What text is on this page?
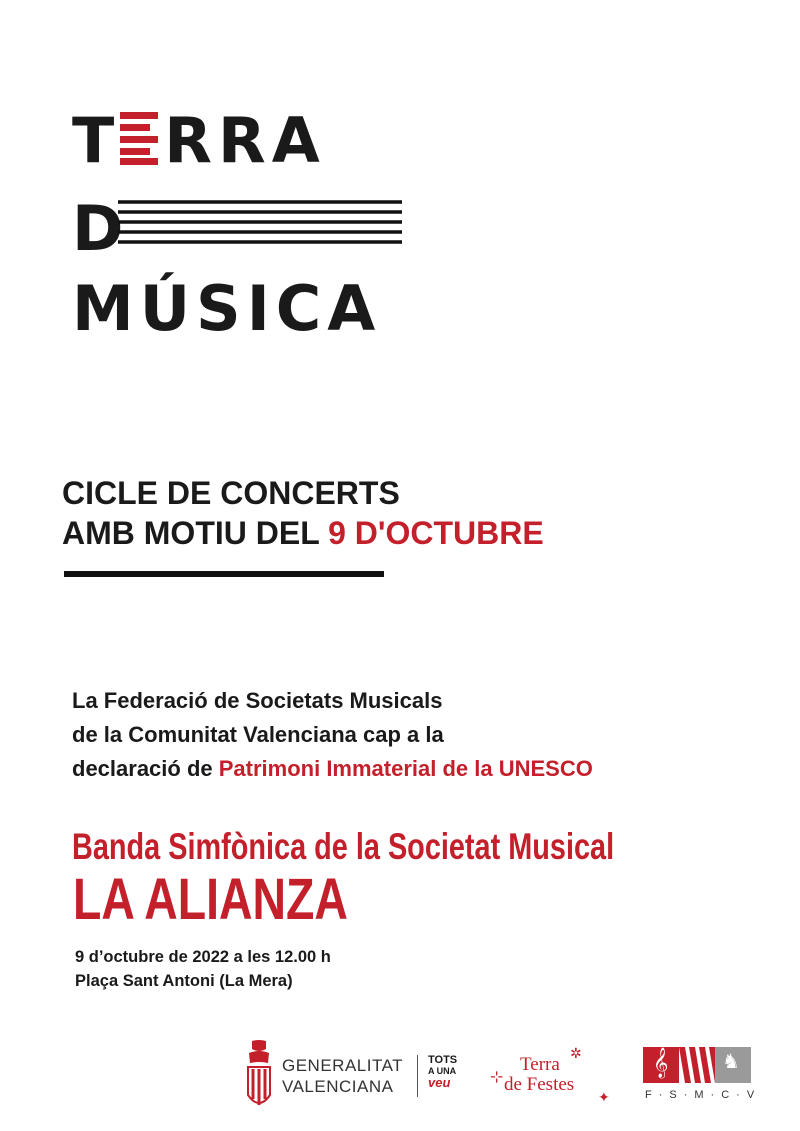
T RRA
D
MÚSICA
CICLE DE CONCERTS
AMB MOTIU DEL 9 D'OCTUBRE
La Federació de Societats Musicals
de la Comunitat Valenciana cap a la
declaració de Patrimoni Immaterial de la UNESCO
Banda Simfònica de la Societat Musical
LA ALIANZA
9 d’octubre de 2022 a les 12.00 h
Plaça Sant Antoni (La Mera)
GENERALITAT
VALENCIANA
TOTS
A UNA
veu	⊹
✲
✦
Terra
de Festes
𝄞	♞
F·S·M·C·V
